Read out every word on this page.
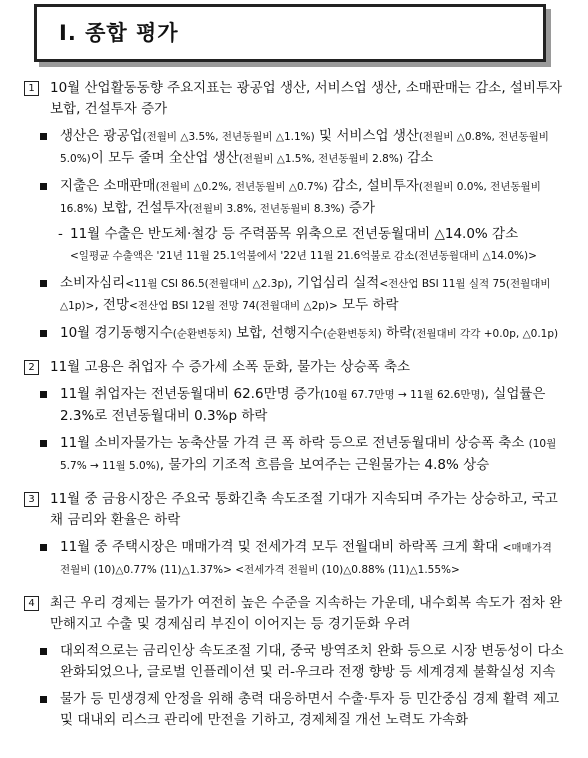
Ⅰ. 종합 평가
1	10월 산업활동동향 주요지표는 광공업 생산, 서비스업 생산, 소매판매는 감소, 설비투자 보합, 건설투자 증가
생산은 광공업(전월비 △3.5%, 전년동월비 △1.1%) 및 서비스업 생산(전월비 △0.8%, 전년동월비 5.0%)이 모두 줄며 全산업 생산(전월비 △1.5%, 전년동월비 2.8%) 감소
지출은 소매판매(전월비 △0.2%, 전년동월비 △0.7%) 감소, 설비투자(전월비 0.0%, 전년동월비 16.8%) 보합, 건설투자(전월비 3.8%, 전년동월비 8.3%) 증가
- 11월 수출은 반도체·철강 등 주력품목 위축으로 전년동월대비 △14.0% 감소
<일평균 수출액은 '21년 11월 25.1억불에서 '22년 11월 21.6억불로 감소(전년동월대비 △14.0%)>
소비자심리<11월 CSI 86.5(전월대비 △2.3p), 기업심리 실적<전산업 BSI 11월 실적 75(전월대비 △1p)>, 전망<전산업 BSI 12월 전망 74(전월대비 △2p)> 모두 하락
10월 경기동행지수(순환변동치) 보합, 선행지수(순환변동치) 하락(전월대비 각각 +0.0p, △0.1p)
2	11월 고용은 취업자 수 증가세 소폭 둔화, 물가는 상승폭 축소
11월 취업자는 전년동월대비 62.6만명 증가(10월 67.7만명 → 11월 62.6만명), 실업률은 2.3%로 전년동월대비 0.3%p 하락
11월 소비자물가는 농축산물 가격 큰 폭 하락 등으로 전년동월대비 상승폭 축소 (10월 5.7% → 11월 5.0%), 물가의 기조적 흐름을 보여주는 근원물가는 4.8% 상승
3	11월 중 금융시장은 주요국 통화긴축 속도조절 기대가 지속되며 주가는 상승하고, 국고채 금리와 환율은 하락
11월 중 주택시장은 매매가격 및 전세가격 모두 전월대비 하락폭 크게 확대 <매매가격 전월비 (10)△0.77% (11)△1.37%> <전세가격 전월비 (10)△0.88% (11)△1.55%>
4	최근 우리 경제는 물가가 여전히 높은 수준을 지속하는 가운데, 내수회복 속도가 점차 완만해지고 수출 및 경제심리 부진이 이어지는 등 경기둔화 우려
대외적으로는 금리인상 속도조절 기대, 중국 방역조치 완화 등으로 시장 변동성이 다소 완화되었으나, 글로벌 인플레이션 및 러-우크라 전쟁 향방 등 세계경제 불확실성 지속
물가 등 민생경제 안정을 위해 총력 대응하면서 수출·투자 등 민간중심 경제 활력 제고 및 대내외 리스크 관리에 만전을 기하고, 경제체질 개선 노력도 가속화
